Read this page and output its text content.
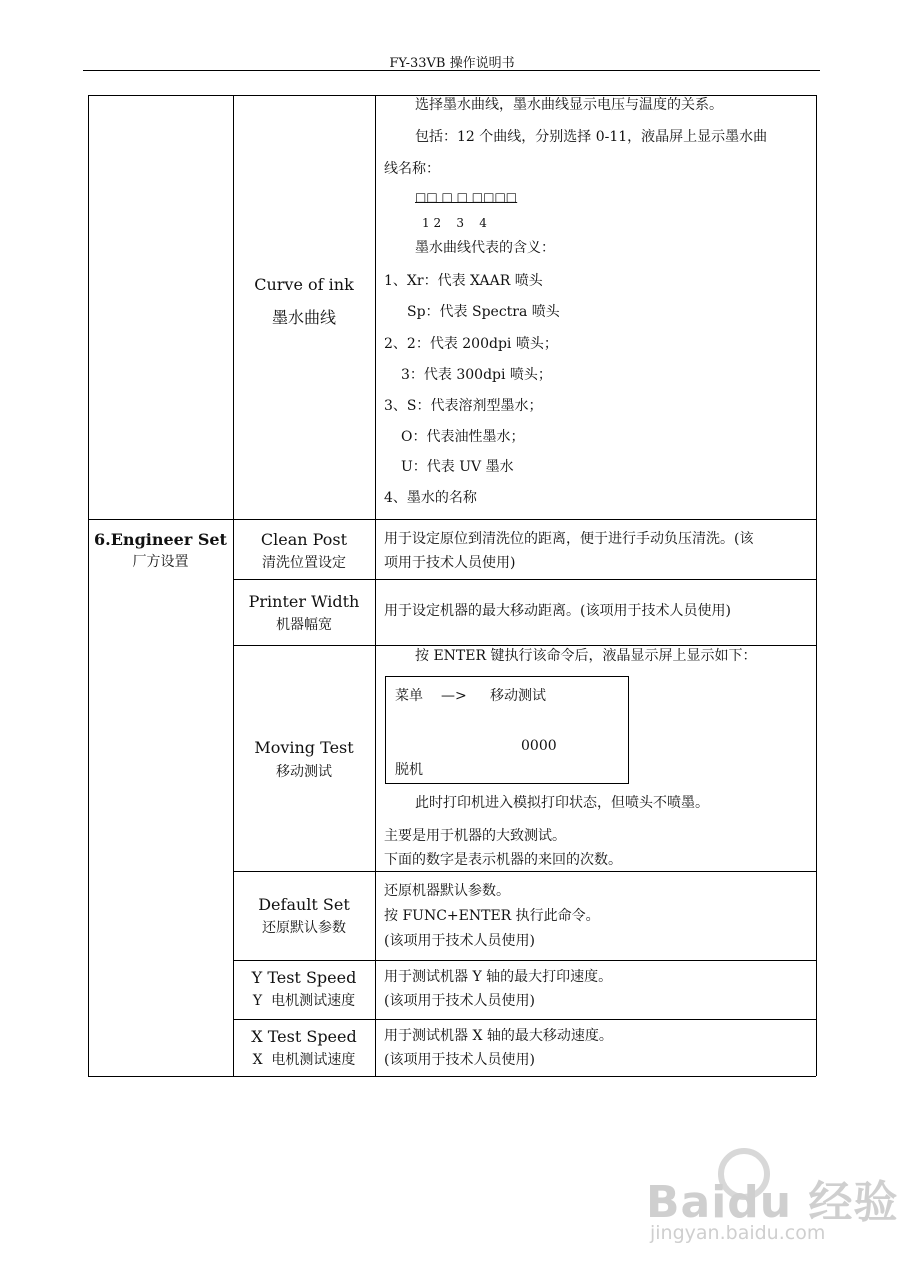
FY-33VB 操作说明书
Curve of ink
墨水曲线
选择墨水曲线，墨水曲线显示电压与温度的关系。
包括：12 个曲线，分别选择 0-11，液晶屏上显示墨水曲
线名称：
□□ □ □ □□□□
1 2    3    4
墨水曲线代表的含义：
1、Xr：代表 XAAR 喷头
Sp：代表 Spectra 喷头
2、2：代表 200dpi 喷头；
3：代表 300dpi 喷头；
3、S：代表溶剂型墨水；
O：代表油性墨水；
U：代表 UV 墨水
4、墨水的名称
6.Engineer Set
厂方设置
Clean Post
清洗位置设定
用于设定原位到清洗位的距离，便于进行手动负压清洗。(该
项用于技术人员使用)
Printer Width
机器幅宽
用于设定机器的最大移动距离。(该项用于技术人员使用)
Moving Test
移动测试
按 ENTER 键执行该命令后，液晶显示屏上显示如下：
菜单 —> 移动测试
0000
脱机
此时打印机进入模拟打印状态，但喷头不喷墨。
主要是用于机器的大致测试。
下面的数字是表示机器的来回的次数。
Default Set
还原默认参数
还原机器默认参数。
按 FUNC+ENTER 执行此命令。
(该项用于技术人员使用)
Y Test Speed
Y  电机测试速度
用于测试机器 Y 轴的最大打印速度。
(该项用于技术人员使用)
X Test Speed
X  电机测试速度
用于测试机器 X 轴的最大移动速度。
(该项用于技术人员使用)
Baidu 经验
jingyan.baidu.com
